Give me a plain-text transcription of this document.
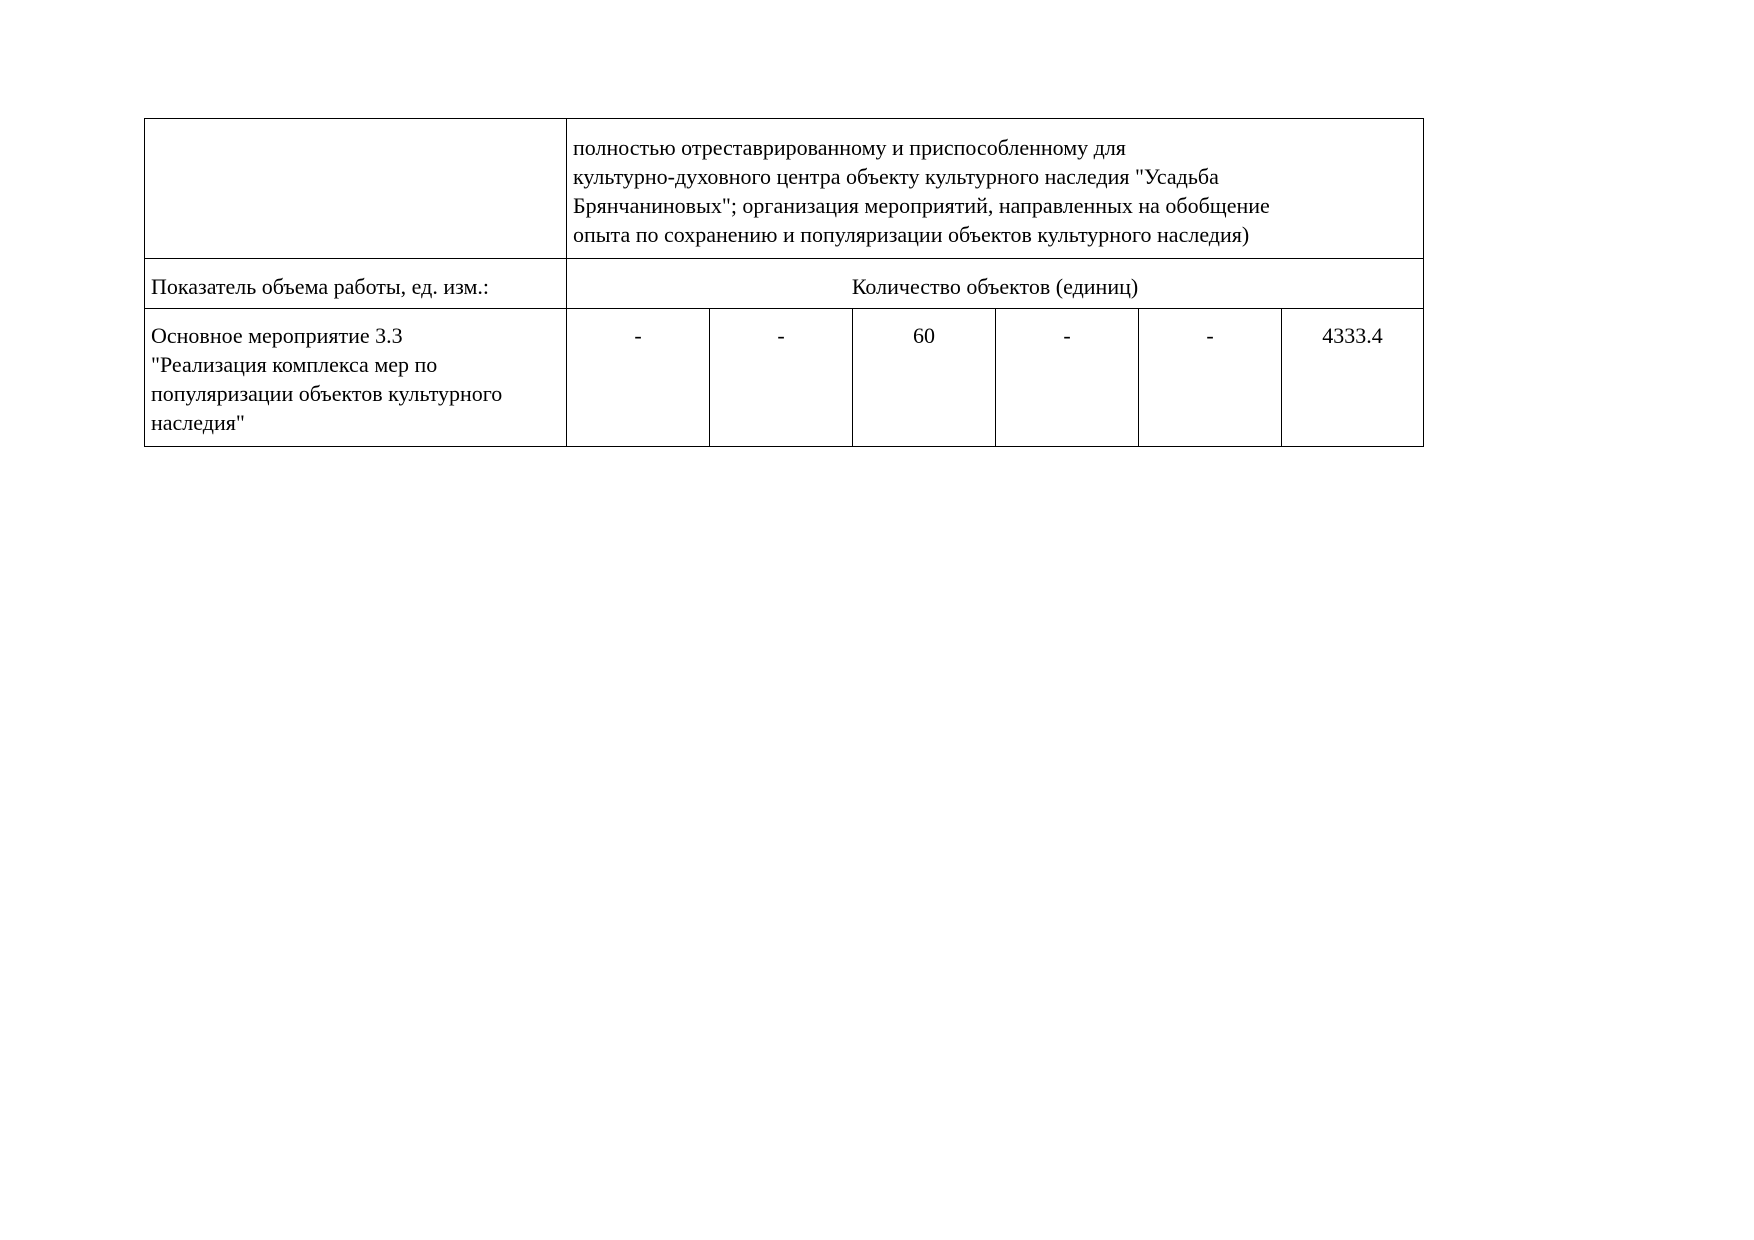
	полностью отреставрированному и приспособленному для
культурно-духовного центра объекту культурного наследия "Усадьба
Брянчаниновых"; организация мероприятий, направленных на обобщение
опыта по сохранению и популяризации объектов культурного наследия)					

Показатель объема работы, ед. изм.:	Количество объектов (единиц)					

Основное мероприятие 3.3
"Реализация комплекса мер по
популяризации объектов культурного
наследия"	-	-	60	-	-	4333.4
